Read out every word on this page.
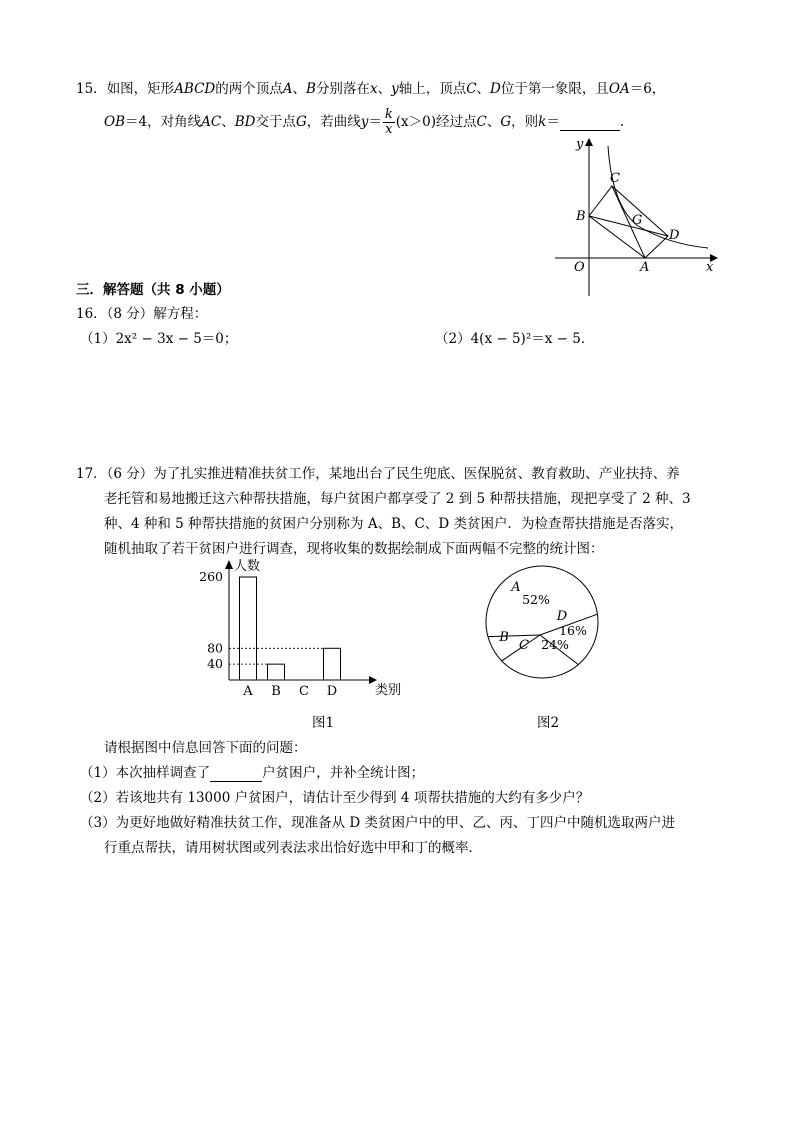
15．如图，矩形ABCD的两个顶点A、B分别落在x、y轴上，顶点C、D位于第一象限，且OA＝6，
OB＝4，对角线AC、BD交于点G，若曲线$y= \frac{k}{x} (x>0)$经过点C、G，则k＝	.
y
x
O
C
B	G
D
A
三．解答题（共 8 小题）
16．（8 分）解方程：
（1）2x² − 3x − 5＝0；	（2）4(x − 5)²＝x − 5．
17．（6 分）为了扎实推进精准扶贫工作，某地出台了民生兜底、医保脱贫、教育救助、产业扶持、养
老托管和易地搬迁这六种帮扶措施，每户贫困户都享受了 2 到 5 种帮扶措施，现把享受了 2 种、3
种、4 种和 5 种帮扶措施的贫困户分别称为 A、B、C、D 类贫困户．为检查帮扶措施是否落实，
随机抽取了若干贫困户进行调查，现将收集的数据绘制成下面两幅不完整的统计图：
人数
类别
A B C D
40
80
260
图1
A
52%
B
C 24%
D
16%
图2
请根据图中信息回答下面的问题：
（1）本次抽样调查了	户贫困户，并补全统计图；
（2）若该地共有 13000 户贫困户，请估计至少得到 4 项帮扶措施的大约有多少户？
（3）为更好地做好精准扶贫工作，现准备从 D 类贫困户中的甲、乙、丙、丁四户中随机选取两户进
行重点帮扶，请用树状图或列表法求出恰好选中甲和丁的概率．
